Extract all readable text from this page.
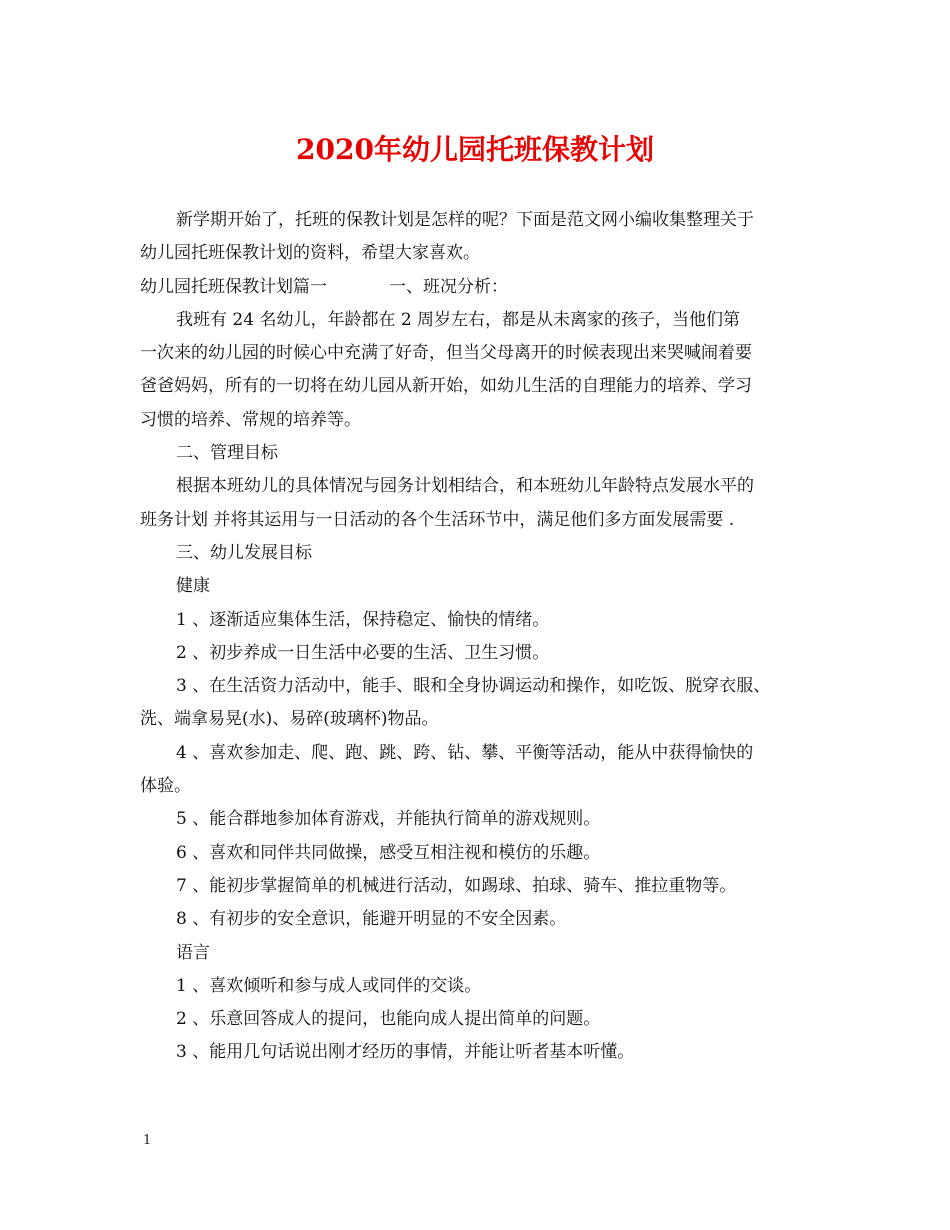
2020年幼儿园托班保教计划
新学期开始了，托班的保教计划是怎样的呢？下面是范文网小编收集整理关于
幼儿园托班保教计划的资料，希望大家喜欢。
幼儿园托班保教计划篇一	一、班况分析：
我班有 24 名幼儿，年龄都在 2 周岁左右，都是从未离家的孩子，当他们第
一次来的幼儿园的时候心中充满了好奇，但当父母离开的时候表现出来哭喊闹着要
爸爸妈妈，所有的一切将在幼儿园从新开始，如幼儿生活的自理能力的培养、学习
习惯的培养、常规的培养等。
二、管理目标
根据本班幼儿的具体情况与园务计划相结合，和本班幼儿年龄特点发展水平的
班务计划 并将其运用与一日活动的各个生活环节中，满足他们多方面发展需要 .
三、幼儿发展目标
健康
1 、逐渐适应集体生活，保持稳定、愉快的情绪。
2 、初步养成一日生活中必要的生活、卫生习惯。
3 、在生活资力活动中，能手、眼和全身协调运动和操作，如吃饭、脱穿衣服、
洗、端拿易晃(水)、易碎(玻璃杯)物品。
4 、喜欢参加走、爬、跑、跳、跨、钻、攀、平衡等活动，能从中获得愉快的
体验。
5 、能合群地参加体育游戏，并能执行简单的游戏规则。
6 、喜欢和同伴共同做操，感受互相注视和模仿的乐趣。
7 、能初步掌握简单的机械进行活动，如踢球、拍球、骑车、推拉重物等。
8 、有初步的安全意识，能避开明显的不安全因素。
语言
1 、喜欢倾听和参与成人或同伴的交谈。
2 、乐意回答成人的提问，也能向成人提出简单的问题。
3 、能用几句话说出刚才经历的事情，并能让听者基本听懂。
1
